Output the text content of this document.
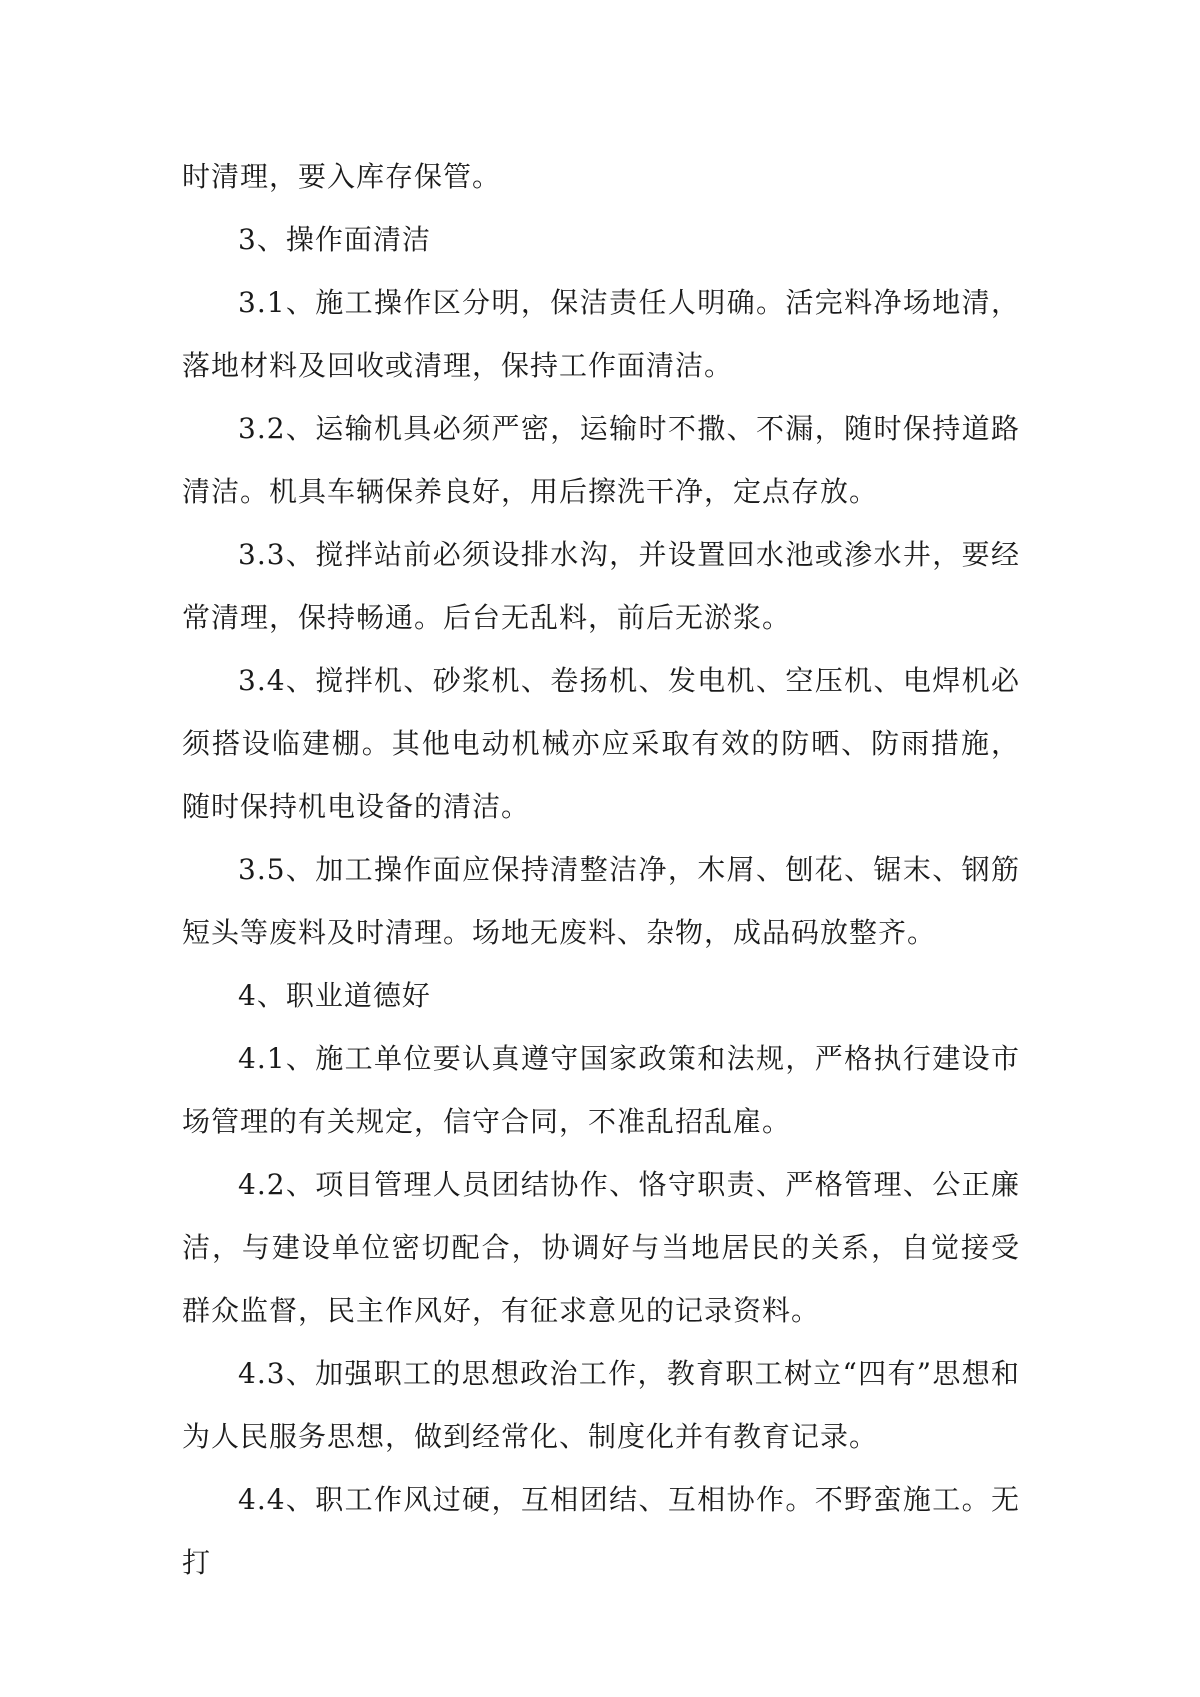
时清理，要入库存保管。

3、操作面清洁

3.1、施工操作区分明，保洁责任人明确。活完料净场地清，落地材料及回收或清理，保持工作面清洁。

3.2、运输机具必须严密，运输时不撒、不漏，随时保持道路清洁。机具车辆保养良好，用后擦洗干净，定点存放。

3.3、搅拌站前必须设排水沟，并设置回水池或渗水井，要经常清理，保持畅通。后台无乱料，前后无淤浆。

3.4、搅拌机、砂浆机、卷扬机、发电机、空压机、电焊机必须搭设临建棚。其他电动机械亦应采取有效的防晒、防雨措施，随时保持机电设备的清洁。

3.5、加工操作面应保持清整洁净，木屑、刨花、锯末、钢筋短头等废料及时清理。场地无废料、杂物，成品码放整齐。

4、职业道德好

4.1、施工单位要认真遵守国家政策和法规，严格执行建设市场管理的有关规定，信守合同，不准乱招乱雇。

4.2、项目管理人员团结协作、恪守职责、严格管理、公正廉洁，与建设单位密切配合，协调好与当地居民的关系，自觉接受群众监督，民主作风好，有征求意见的记录资料。

4.3、加强职工的思想政治工作，教育职工树立“四有”思想和为人民服务思想，做到经常化、制度化并有教育记录。

4.4、职工作风过硬，互相团结、互相协作。不野蛮施工。无打
